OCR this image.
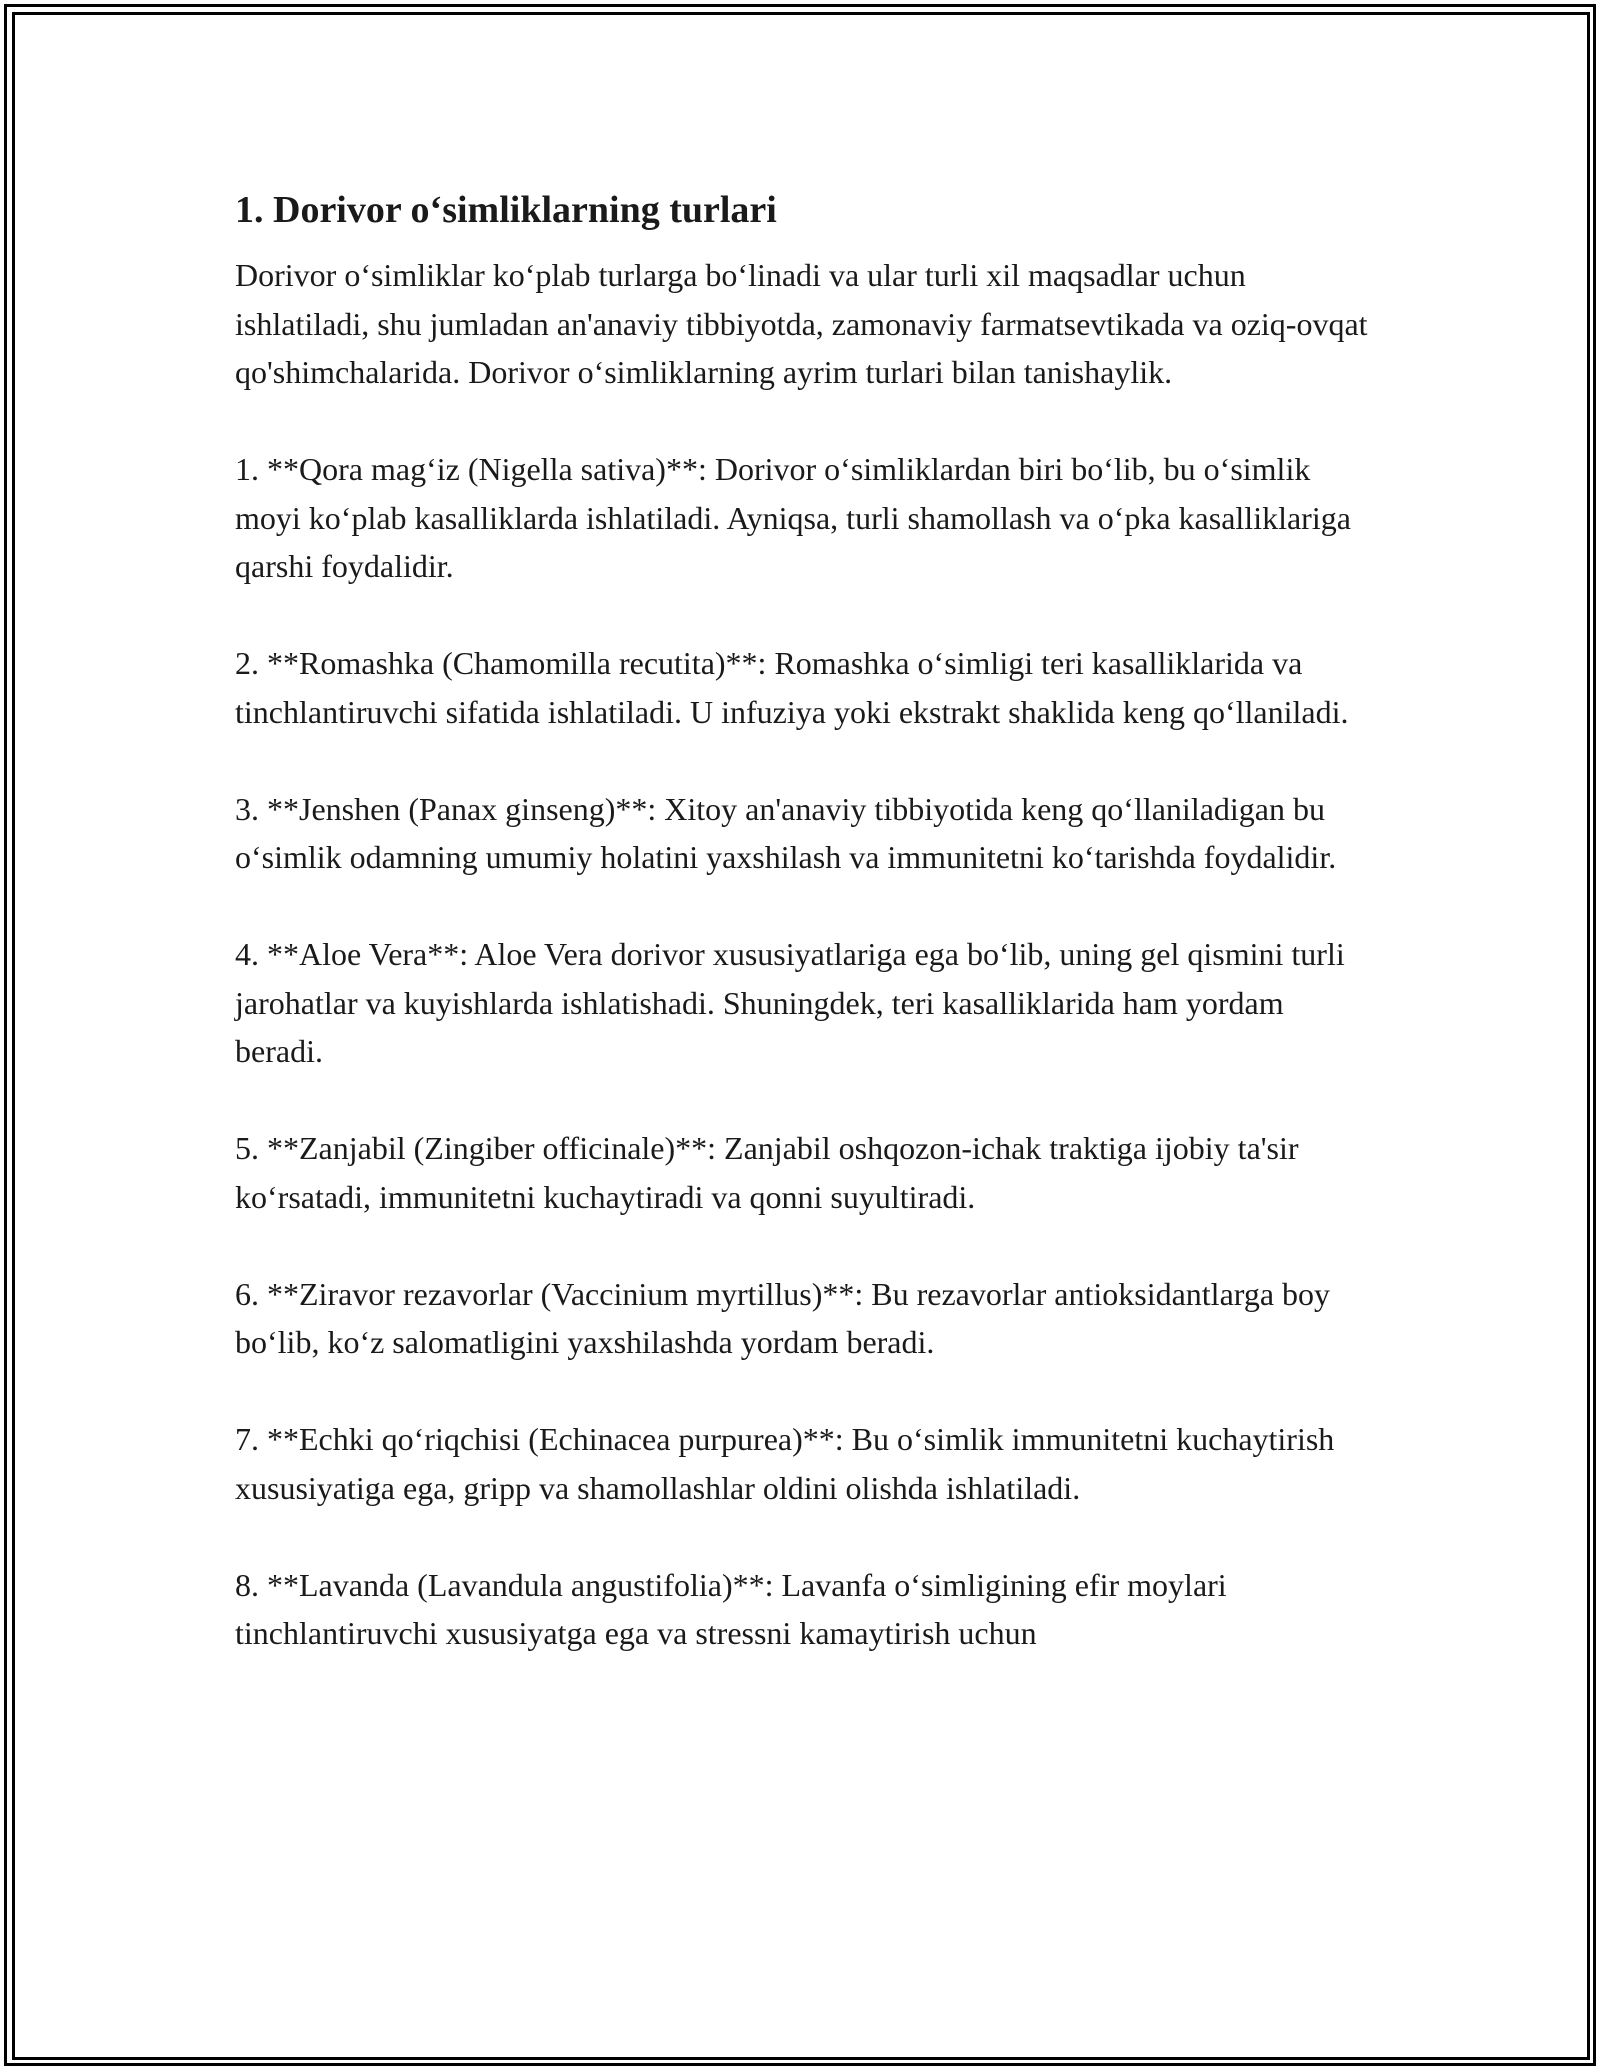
1. Dorivor o‘simliklarning turlari

Dorivor o‘simliklar ko‘plab turlarga bo‘linadi va ular turli xil maqsadlar uchun ishlatiladi, shu jumladan an'anaviy tibbiyotda, zamonaviy farmatsevtikada va oziq-ovqat qo'shimchalarida. Dorivor o‘simliklarning ayrim turlari bilan tanishaylik.

1. **Qora mag‘iz (Nigella sativa)**: Dorivor o‘simliklardan biri bo‘lib, bu o‘simlik moyi ko‘plab kasalliklarda ishlatiladi. Ayniqsa, turli shamollash va o‘pka kasalliklariga qarshi foydalidir.

2. **Romashka (Chamomilla recutita)**: Romashka o‘simligi teri kasalliklarida va tinchlantiruvchi sifatida ishlatiladi. U infuziya yoki ekstrakt shaklida keng qo‘llaniladi.

3. **Jenshen (Panax ginseng)**: Xitoy an'anaviy tibbiyotida keng qo‘llaniladigan bu o‘simlik odamning umumiy holatini yaxshilash va immunitetni ko‘tarishda foydalidir.

4. **Aloe Vera**: Aloe Vera dorivor xususiyatlariga ega bo‘lib, uning gel qismini turli jarohatlar va kuyishlarda ishlatishadi. Shuningdek, teri kasalliklarida ham yordam beradi.

5. **Zanjabil (Zingiber officinale)**: Zanjabil oshqozon-ichak traktiga ijobiy ta'sir ko‘rsatadi, immunitetni kuchaytiradi va qonni suyultiradi.

6. **Ziravor rezavorlar (Vaccinium myrtillus)**: Bu rezavorlar antioksidantlarga boy bo‘lib, ko‘z salomatligini yaxshilashda yordam beradi.

7. **Echki qo‘riqchisi (Echinacea purpurea)**: Bu o‘simlik immunitetni kuchaytirish xususiyatiga ega, gripp va shamollashlar oldini olishda ishlatiladi.

8. **Lavanda (Lavandula angustifolia)**: Lavanfa o‘simligining efir moylari tinchlantiruvchi xususiyatga ega va stressni kamaytirish uchun
